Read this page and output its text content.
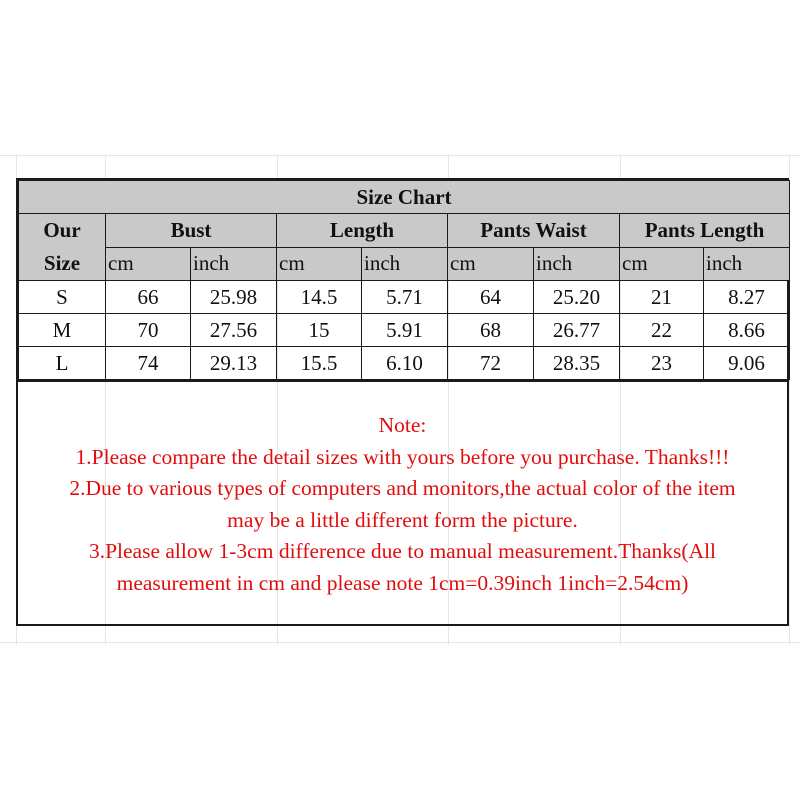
Size Chart								
Our
Size	Bust		Length		Pants Waist		Pants Length	
	cm	inch	cm	inch	cm	inch	cm	inch
S	66	25.98	14.5	5.71	64	25.20	21	8.27
M	70	27.56	15	5.91	68	26.77	22	8.66
L	74	29.13	15.5	6.10	72	28.35	23	9.06

Note:

1.Please compare the detail sizes with yours before you purchase. Thanks!!!

2.Due to various types of computers and monitors,the actual color of the item

may be a little different form the picture.

3.Please allow 1-3cm difference due to manual measurement.Thanks(All

measurement in cm and please note 1cm=0.39inch 1inch=2.54cm)
